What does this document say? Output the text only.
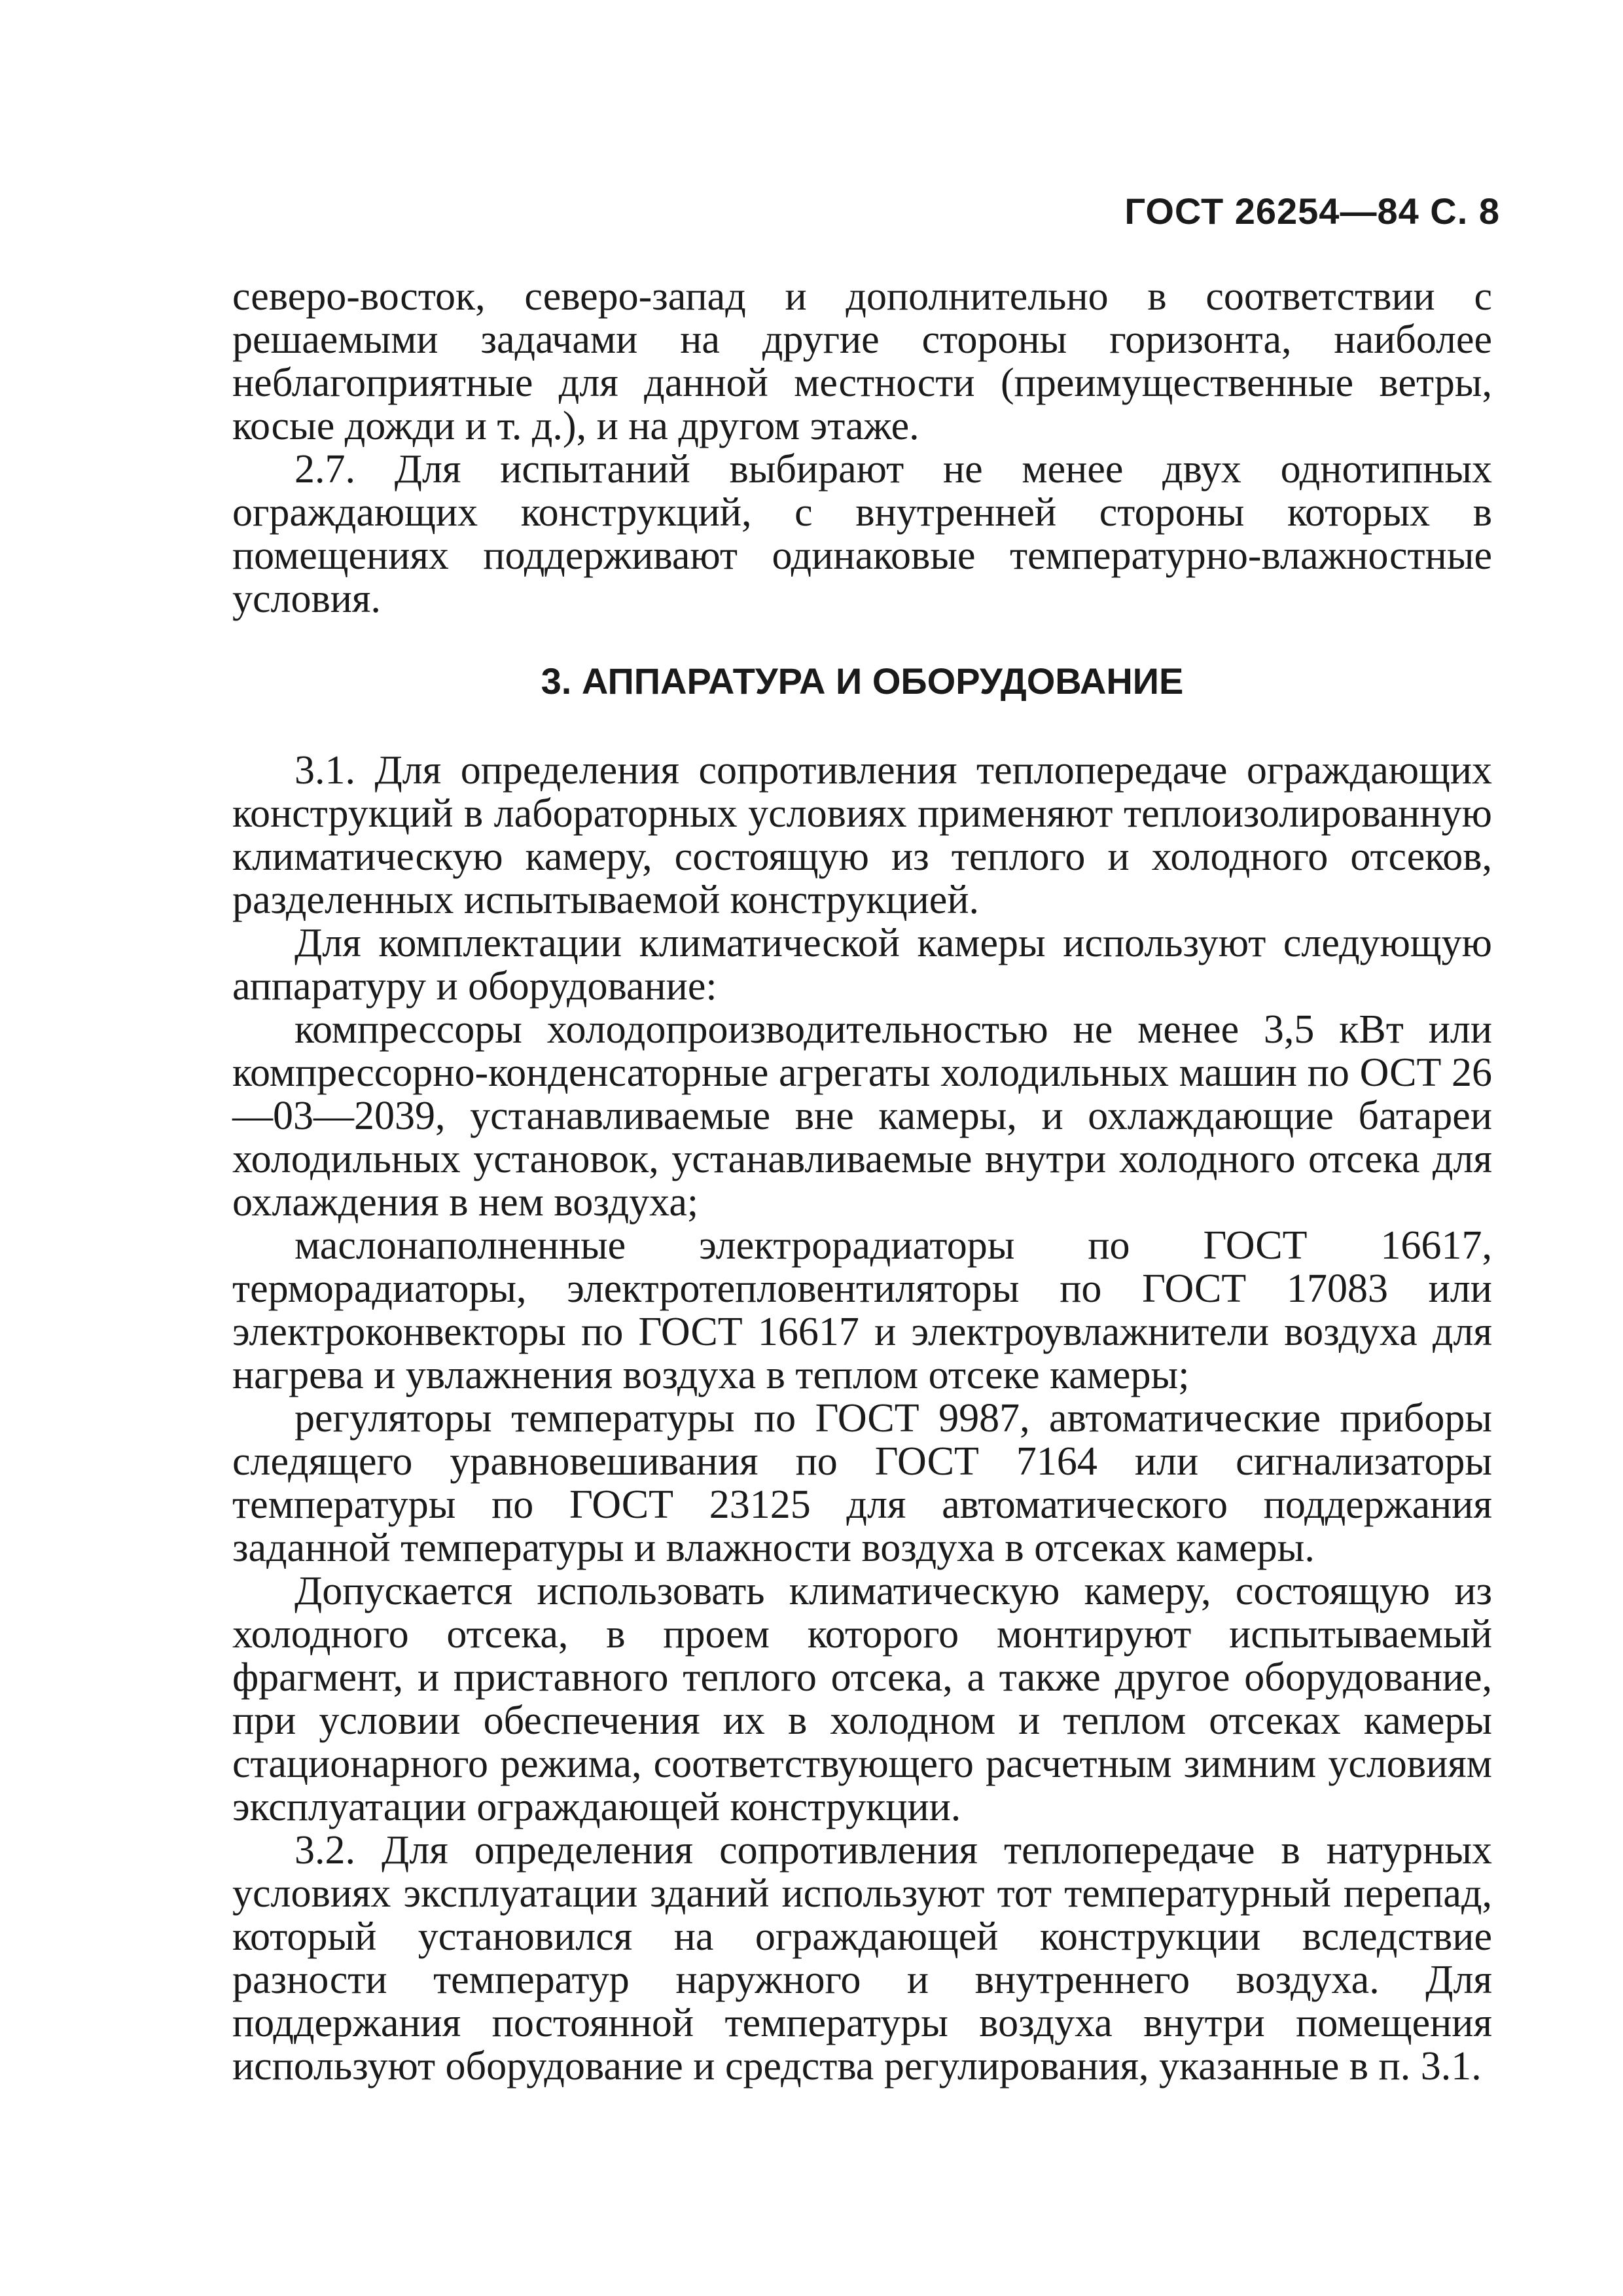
ГОСТ 26254—84 С. 8

северо-восток, северо-запад и дополнительно в соответствии с решаемыми задачами на другие стороны горизонта, наиболее неблагоприятные для данной местности (преимущественные ветры, косые дожди и т. д.), и на другом этаже.

2.7. Для испытаний выбирают не менее двух однотипных ограждающих конструкций, с внутренней стороны которых в помещениях поддерживают одинаковые температурно-влажностные условия.

3. АППАРАТУРА И ОБОРУДОВАНИЕ

3.1. Для определения сопротивления теплопередаче ограждающих конструкций в лабораторных условиях применяют теплоизолированную климатическую камеру, состоящую из теплого и холодного отсеков, разделенных испытываемой конструкцией.

Для комплектации климатической камеры используют следующую аппаратуру и оборудование:

компрессоры холодопроизводительностью не менее 3,5 кВт или компрессорно-конденсаторные агрегаты холодильных машин по ОСТ 26—03—2039, устанавливаемые вне камеры, и охлаждающие батареи холодильных установок, устанавливаемые внутри холодного отсека для охлаждения в нем воздуха;

маслонаполненные электрорадиаторы по ГОСТ 16617, терморадиаторы, электротепловентиляторы по ГОСТ 17083 или электроконвекторы по ГОСТ 16617 и электроувлажнители воздуха для нагрева и увлажнения воздуха в теплом отсеке камеры;

регуляторы температуры по ГОСТ 9987, автоматические приборы следящего уравновешивания по ГОСТ 7164 или сигнализаторы температуры по ГОСТ 23125 для автоматического поддержания заданной температуры и влажности воздуха в отсеках камеры.

Допускается использовать климатическую камеру, состоящую из холодного отсека, в проем которого монтируют испытываемый фрагмент, и приставного теплого отсека, а также другое оборудование, при условии обеспечения их в холодном и теплом отсеках камеры стационарного режима, соответствующего расчетным зимним условиям эксплуатации ограждающей конструкции.

3.2. Для определения сопротивления теплопередаче в натурных условиях эксплуатации зданий используют тот температурный перепад, который установился на ограждающей конструкции вследствие разности температур наружного и внутреннего воздуха. Для поддержания постоянной температуры воздуха внутри помещения используют оборудование и средства регулирования, указанные в п. 3.1.
